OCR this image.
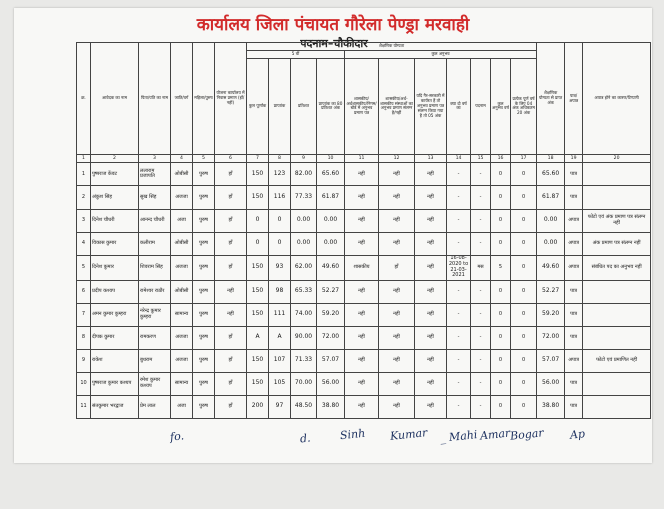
कार्यालय जिला पंचायत गौरेला पेण्ड्रा मरवाही
पदनाम–चौकीदार
क्र.	आवेदक का नाम	पिता/पति का नाम	जाति/वर्ग	महिला/पुरुष	योजना कार्यालय में निवास प्रमाण (हाँ/नहीं)	शैक्षणिक योग्यता											शैक्षणिक योग्यता से प्राप्त अंक	पात्र/अपात्र	अपात्र होने का कारण/टिप्पणी
						5 वीं				कुल अनुभव									
						कुल पूर्णांक	प्राप्तांक	प्रतिशत	प्राप्तांक का 80 प्रतिशत अंक	शासकीय/अर्धशासकीय/निगम/बोर्ड में अनुभव प्रमाण पत्र	शासकीय/अर्ध-शासकीय संस्थाओं का अनुभव प्रमाण संलग्न है/नहीं	यदि गैर-सरकारी में कार्यरत हैं तो अनुभव प्रमाण पत्र संलग्न किया गया है तो 05 अंक	क्या दो वर्ष का	पदनाम	कुल अनुभव वर्ष	प्रत्येक पूर्ण वर्ष के लिए 04 अंक अधिकतम 20 अंक			
1	2	3	4	5	6	7	8	9	10	11	12	13	14	15	16	17	18	19	20
1	पुष्पराज केंवट	ललाराम प्रजापति	ओबीसी	पुरुष	हाँ	150	123	82.00	65.60	नहीं	नहीं	नहीं	-	-	0	0	65.60	पात्र	
2	अंकुश सिंह	सुख सिंह	अजजा	पुरुष	हाँ	150	116	77.33	61.87	नहीं	नहीं	नहीं	-	-	0	0	61.87	पात्र	
3	दिनेश चौधरी	आनन्द चौधरी	अजा	पुरुष	हाँ	0	0	0.00	0.00	नहीं	नहीं	नहीं	-	-	0	0	0.00	अपात्र	फोटो एवं अंक प्रमाण पत्र संलग्न नहीं
4	विकास कुमार	कलीराम	ओबीसी	पुरुष	हाँ	0	0	0.00	0.00	नहीं	नहीं	नहीं	-	-	0	0	0.00	अपात्र	अंक प्रमाण पत्र संलग्न नहीं
5	दिनेश कुमार	शिवराम सिंह	अजजा	पुरुष	हाँ	150	93	62.00	49.60	शासकीय	हाँ	नहीं	16-08-2020 to 21-03-2021	मस	5	0	49.60	अपात्र	संबंधित पद का अनुभव नहीं
6	प्रदीप कश्यप	रामेश्वर राठौर	ओबीसी	पुरुष	नहीं	150	98	65.33	52.27	नहीं	नहीं	नहीं	-	-	0	0	52.27	पात्र	
7	अमन कुमार कुम्हरा	नरेन्द्र कुमार कुम्हरा	सामान्य	पुरुष	नहीं	150	111	74.00	59.20	नहीं	नहीं	नहीं	-	-	0	0	59.20	पात्र	
8	दीपक कुमार	रामकरण	अजजा	पुरुष	हाँ	A	A	90.00	72.00	नहीं	नहीं	नहीं	-	-	0	0	72.00	पात्र	
9	राकेश	बुधराम	अजजा	पुरुष	हाँ	150	107	71.33	57.07	नहीं	नहीं	नहीं	-	-	0	0	57.07	अपात्र	फोटो एवं प्रमाणित नहीं
10	पुष्पराज कुमार कश्यप	रमेश कुमार कश्यप	सामान्य	पुरुष	हाँ	150	105	70.00	56.00	नहीं	नहीं	नहीं	-	-	0	0	56.00	पात्र	
11	संतकुमार भरद्वाज	प्रेम लाल	अजा	पुरुष	हाँ	200	97	48.50	38.80	नहीं	नहीं	नहीं	-	-	0	0	38.80	पात्र	
fo.	d.	Sinh Kumar _ Mahi Amar
Bogar Ap
